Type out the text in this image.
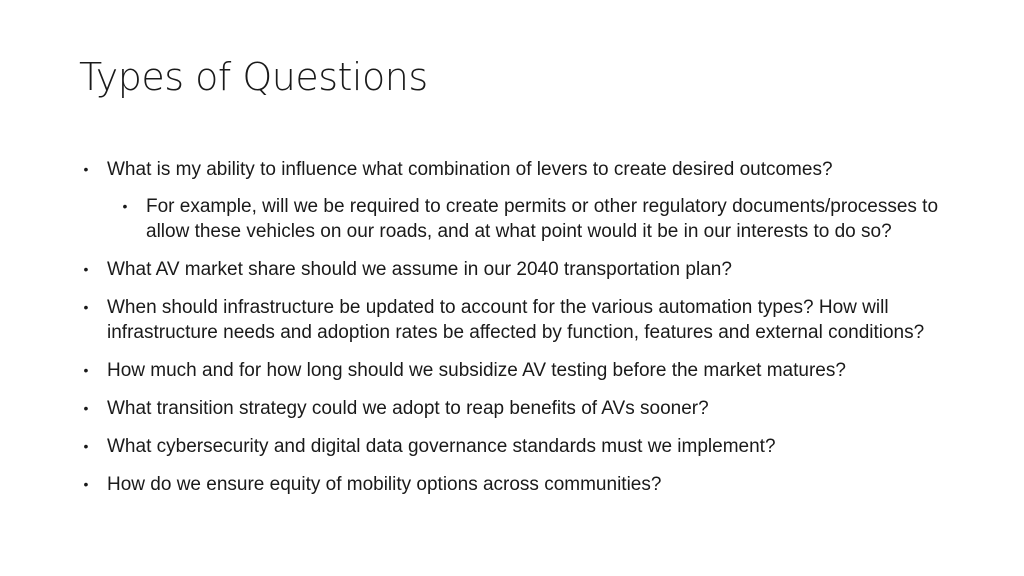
Types of Questions
• What is my ability to influence what combination of levers to create desired outcomes?
• For example, will we be required to create permits or other regulatory documents/processes to allow these vehicles on our roads, and at what point would it be in our interests to do so?
• What AV market share should we assume in our 2040 transportation plan?
• When should infrastructure be updated to account for the various automation types? How will infrastructure needs and adoption rates be affected by function, features and external conditions?
• How much and for how long should we subsidize AV testing before the market matures?
• What transition strategy could we adopt to reap benefits of AVs sooner?
• What cybersecurity and digital data governance standards must we implement?
• How do we ensure equity of mobility options across communities?
